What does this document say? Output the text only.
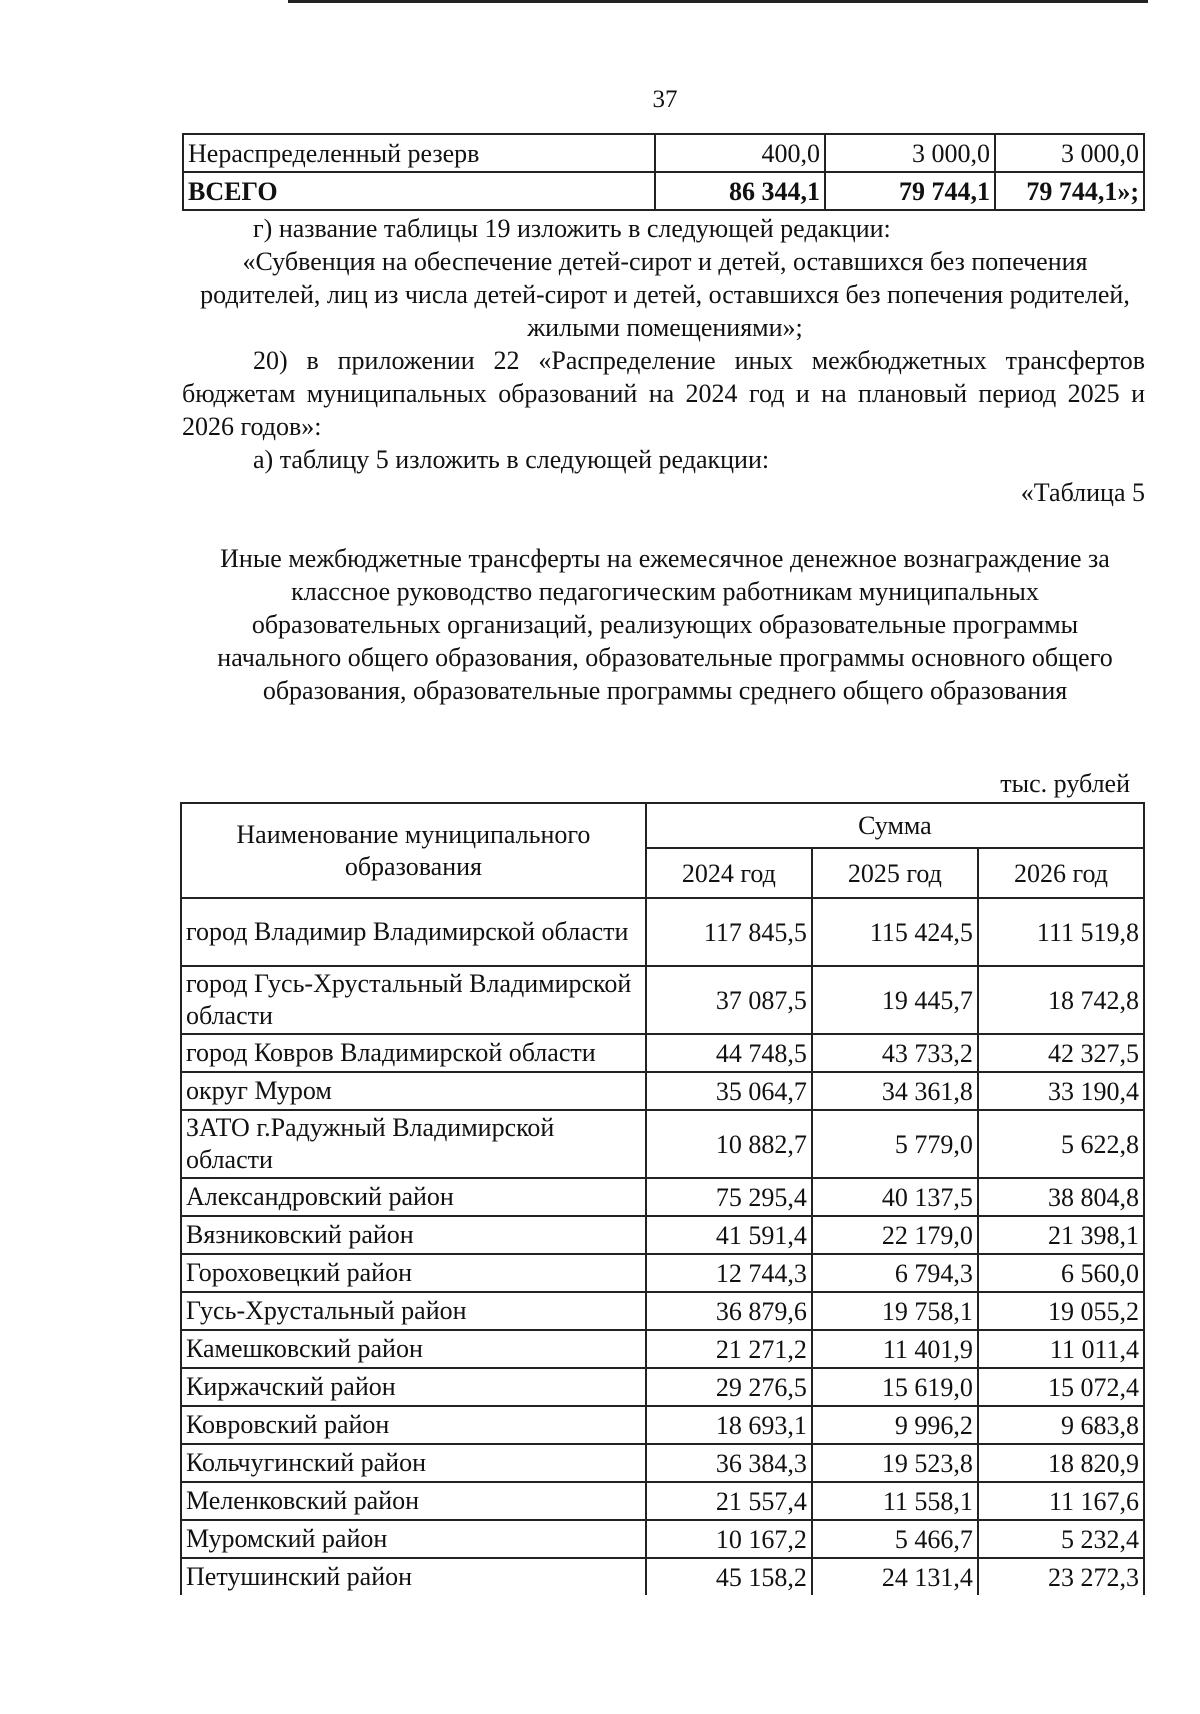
37
Нераспределенный резерв	400,0	3 000,0	3 000,0
ВСЕГО	86 344,1	79 744,1	79 744,1»;
г) название таблицы 19 изложить в следующей редакции:
«Субвенция на обеспечение детей-сирот и детей, оставшихся без попечения родителей, лиц из числа детей-сирот и детей, оставшихся без попечения родителей, жилыми помещениями»;
20) в приложении 22 «Распределение иных межбюджетных трансфертов бюджетам муниципальных образований на 2024 год и на плановый период 2025 и 2026 годов»:
а) таблицу 5 изложить в следующей редакции:
«Таблица 5
Иные межбюджетные трансферты на ежемесячное денежное вознаграждение за классное руководство педагогическим работникам муниципальных образовательных организаций, реализующих образовательные программы начального общего образования, образовательные программы основного общего образования, образовательные программы среднего общего образования
тыс. рублей
Наименование муниципального образования	Сумма		
	2024 год	2025 год	2026 год
город Владимир Владимирской области	117 845,5	115 424,5	111 519,8
город Гусь-Хрустальный Владимирской области	37 087,5	19 445,7	18 742,8
город Ковров Владимирской области	44 748,5	43 733,2	42 327,5
округ Муром	35 064,7	34 361,8	33 190,4
ЗАТО г.Радужный Владимирской области	10 882,7	5 779,0	5 622,8
Александровский район	75 295,4	40 137,5	38 804,8
Вязниковский район	41 591,4	22 179,0	21 398,1
Гороховецкий район	12 744,3	6 794,3	6 560,0
Гусь-Хрустальный район	36 879,6	19 758,1	19 055,2
Камешковский район	21 271,2	11 401,9	11 011,4
Киржачский район	29 276,5	15 619,0	15 072,4
Ковровский район	18 693,1	9 996,2	9 683,8
Кольчугинский район	36 384,3	19 523,8	18 820,9
Меленковский район	21 557,4	11 558,1	11 167,6
Муромский район	10 167,2	5 466,7	5 232,4
Петушинский район	45 158,2	24 131,4	23 272,3
